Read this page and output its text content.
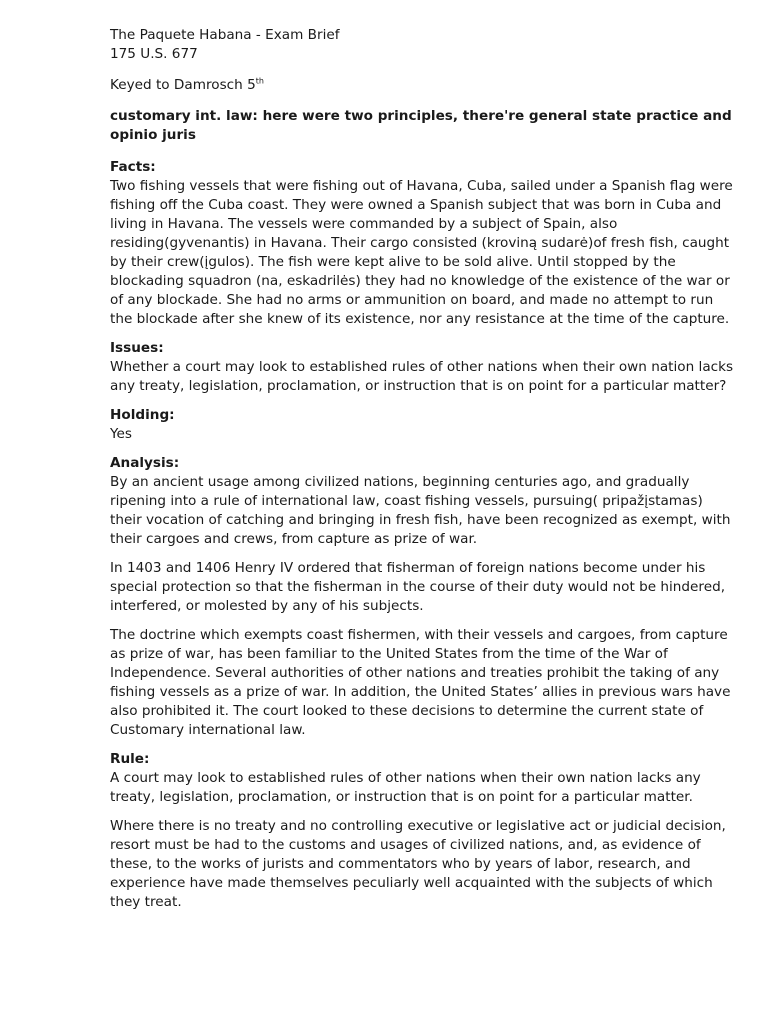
The Paquete Habana - Exam Brief
175 U.S. 677
Keyed to Damrosch 5th

customary int. law: here were two principles, there're general state practice and opinio juris

Facts:

Two fishing vessels that were fishing out of Havana, Cuba, sailed under a Spanish flag were fishing off the Cuba coast. They were owned a Spanish subject that was born in Cuba and living in Havana. The vessels were commanded by a subject of Spain, also residing(gyvenantis) in Havana. Their cargo consisted (kroviną sudarė)of fresh fish, caught by their crew(įgulos). The fish were kept alive to be sold alive. Until stopped by the blockading squadron (na, eskadrilės) they had no knowledge of the existence of the war or of any blockade. She had no arms or ammunition on board, and made no attempt to run the blockade after she knew of its existence, nor any resistance at the time of the capture.

Issues:

Whether a court may look to established rules of other nations when their own nation lacks any treaty, legislation, proclamation, or instruction that is on point for a particular matter?

Holding:

Yes

Analysis:

By an ancient usage among civilized nations, beginning centuries ago, and gradually ripening into a rule of international law, coast fishing vessels, pursuing( pripažįstamas) their vocation of catching and bringing in fresh fish, have been recognized as exempt, with their cargoes and crews, from capture as prize of war.

In 1403 and 1406 Henry IV ordered that fisherman of foreign nations become under his special protection so that the fisherman in the course of their duty would not be hindered, interfered, or molested by any of his subjects.

The doctrine which exempts coast fishermen, with their vessels and cargoes, from capture as prize of war, has been familiar to the United States from the time of the War of Independence. Several authorities of other nations and treaties prohibit the taking of any fishing vessels as a prize of war. In addition, the United States’ allies in previous wars have also prohibited it. The court looked to these decisions to determine the current state of Customary international law.

Rule:

A court may look to established rules of other nations when their own nation lacks any treaty, legislation, proclamation, or instruction that is on point for a particular matter.

Where there is no treaty and no controlling executive or legislative act or judicial decision, resort must be had to the customs and usages of civilized nations, and, as evidence of these, to the works of jurists and commentators who by years of labor, research, and experience have made themselves peculiarly well acquainted with the subjects of which they treat.
